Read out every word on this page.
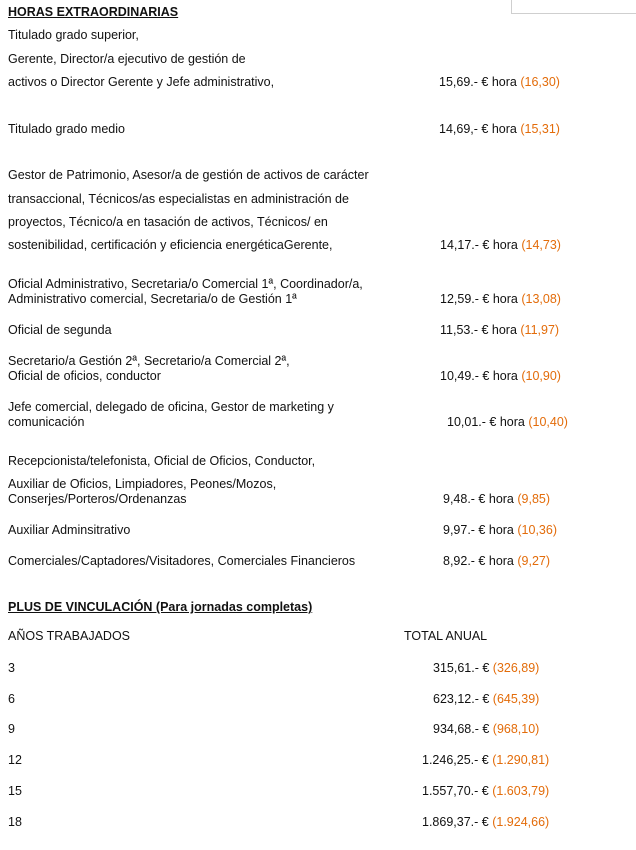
HORAS EXTRAORDINARIAS
Titulado grado superior,
Gerente, Director/a ejecutivo de gestión de
activos o Director Gerente y Jefe administrativo,	15,69.- € hora (16,30)
Titulado grado medio	14,69,- € hora (15,31)
Gestor de Patrimonio, Asesor/a de gestión de activos de carácter
transaccional, Técnicos/as especialistas en administración de
proyectos, Técnico/a en tasación de activos, Técnicos/ en
sostenibilidad, certificación y eficiencia energéticaGerente,	14,17.- € hora (14,73)
Oficial Administrativo, Secretaria/o Comercial 1ª, Coordinador/a,
Administrativo comercial, Secretaria/o de Gestión 1ª	12,59.- € hora (13,08)
Oficial de segunda	11,53.- € hora (11,97)
Secretario/a Gestión 2ª, Secretario/a Comercial 2ª,
Oficial de oficios, conductor	10,49.- € hora (10,90)
Jefe comercial, delegado de oficina, Gestor de marketing y
comunicación	10,01.- € hora (10,40)
Recepcionista/telefonista, Oficial de Oficios, Conductor,
Auxiliar de Oficios, Limpiadores, Peones/Mozos,
Conserjes/Porteros/Ordenanzas	9,48.- € hora (9,85)
Auxiliar Adminsitrativo	9,97.- € hora (10,36)
Comerciales/Captadores/Visitadores, Comerciales Financieros	8,92.- € hora (9,27)
PLUS DE VINCULACIÓN (Para jornadas completas)
AÑOS TRABAJADOS	TOTAL ANUAL
3	315,61.- € (326,89)
6	623,12.- € (645,39)
9	934,68.- € (968,10)
12	1.246,25.- € (1.290,81)
15	1.557,70.- € (1.603,79)
18	1.869,37.- € (1.924,66)
